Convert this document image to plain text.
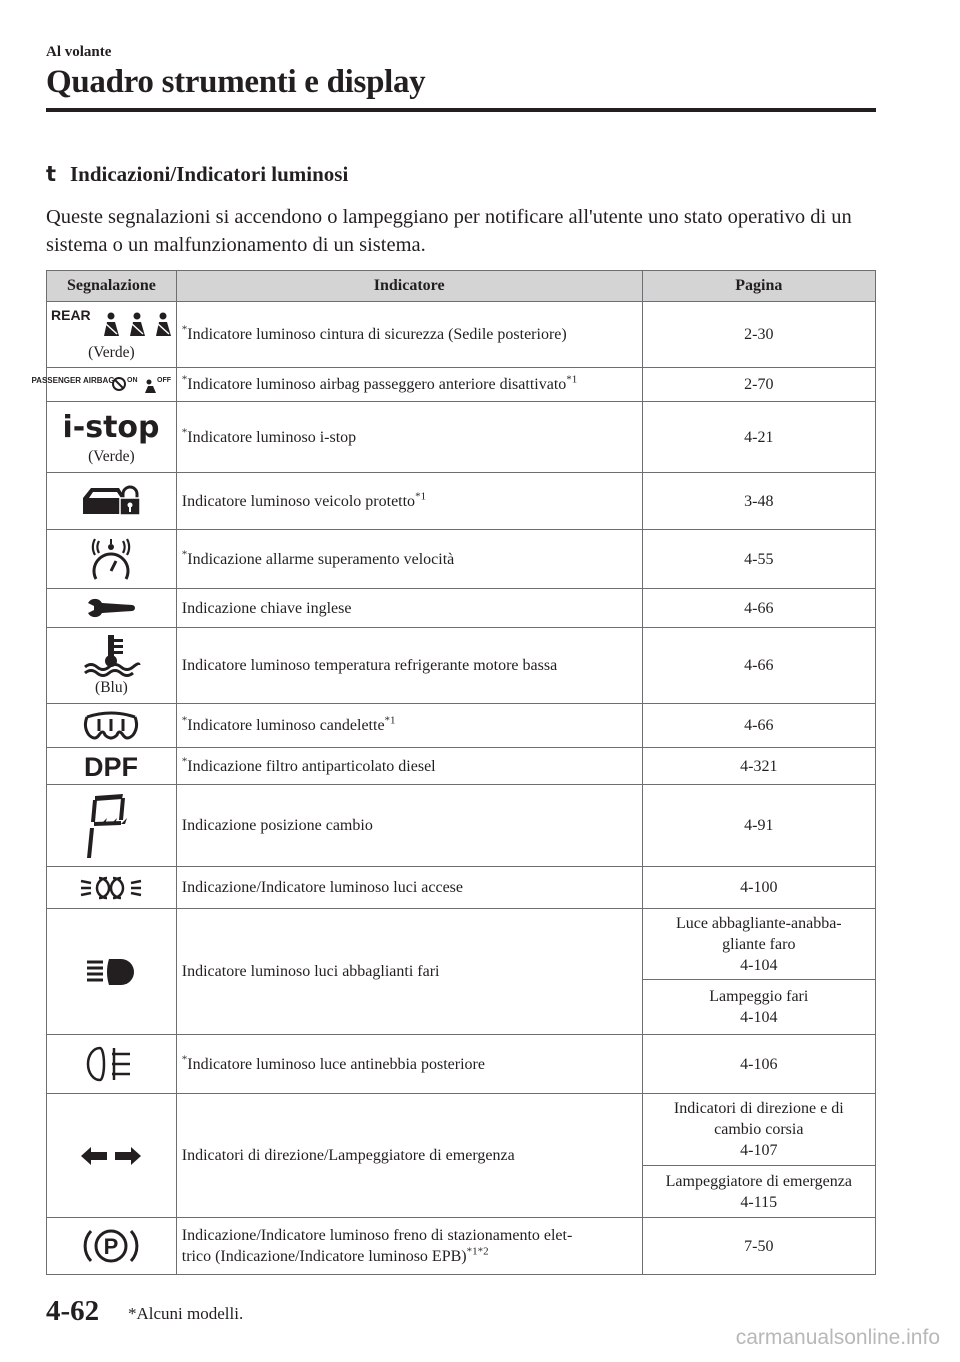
Al volante
Quadro strumenti e display
t Indicazioni/Indicatori luminosi
Queste segnalazioni si accendono o lampeggiano per notificare all'utente uno stato operativo di un sistema o un malfunzionamento di un sistema.
Segnalazione	Indicatore	Pagina

REAR
(Verde)	*Indicatore luminoso cintura di sicurezza (Sedile posteriore)	2-30

PASSENGER AIRBAG ON OFF	*Indicatore luminoso airbag passeggero anteriore disattivato$^{*1}$	2-70

i-stop
(Verde)	*Indicatore luminoso i-stop	4-21

	Indicatore luminoso veicolo protetto$^{*1}$	3-48

	*Indicazione allarme superamento velocità	4-55

	Indicazione chiave inglese	4-66

(Blu)	Indicatore luminoso temperatura refrigerante motore bassa	4-66

	*Indicatore luminoso candelette$^{*1}$	4-66

DPF	*Indicazione filtro antiparticolato diesel	4-321

	Indicazione posizione cambio	4-91

	Indicazione/Indicatore luminoso luci accese	4-100

	Indicatore luminoso luci abbaglianti fari	Luce abbagliante-anabba-
gliante faro
4-104
		Lampeggio fari
4-104

	*Indicatore luminoso luce antinebbia posteriore	4-106

	Indicatori di direzione/Lampeggiatore di emergenza	Indicatori di direzione e di
cambio corsia
4-107
		Lampeggiatore di emergenza
4-115

P	Indicazione/Indicatore luminoso freno di stazionamento elet-
trico (Indicazione/Indicatore luminoso EPB)$^{*1*2}$	7-50
4-62 *Alcuni modelli.
carmanualsonline.info
